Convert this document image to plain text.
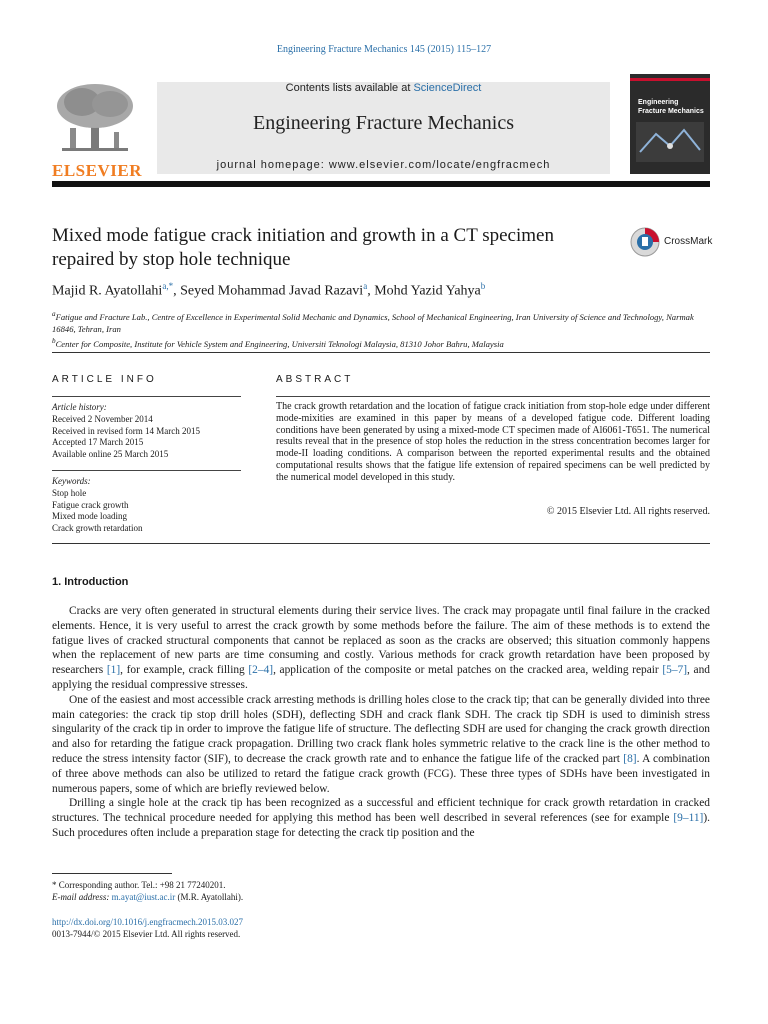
Engineering Fracture Mechanics 145 (2015) 115–127
ELSEVIER
Contents lists available at ScienceDirect
Engineering Fracture Mechanics
journal homepage: www.elsevier.com/locate/engfracmech
Engineering
Fracture Mechanics
Mixed mode fatigue crack initiation and growth in a CT specimen repaired by stop hole technique
CrossMark
Majid R. Ayatollahi$^{a,*}$, Seyed Mohammad Javad Razavi$^a$, Mohd Yazid Yahya$^b$
$^a$Fatigue and Fracture Lab., Centre of Excellence in Experimental Solid Mechanic and Dynamics, School of Mechanical Engineering, Iran University of Science and Technology, Narmak 16846, Tehran, Iran
$^b$Center for Composite, Institute for Vehicle System and Engineering, Universiti Teknologi Malaysia, 81310 Johor Bahru, Malaysia
ARTICLE INFO	ABSTRACT
Article history:
Received 2 November 2014
Received in revised form 14 March 2015
Accepted 17 March 2015
Available online 25 March 2015
Keywords:
Stop hole
Fatigue crack growth
Mixed mode loading
Crack growth retardation
The crack growth retardation and the location of fatigue crack initiation from stop-hole edge under different mode-mixities are examined in this paper by means of a developed fatigue code. Different loading conditions have been generated by using a mixed-mode CT specimen made of Al6061-T651. The numerical results reveal that in the presence of stop holes the reduction in the stress concentration becomes larger for mode-II loading conditions. A comparison between the reported experimental results and the obtained computational results shows that the fatigue life extension of repaired specimens can be well predicted by the numerical model developed in this study.
© 2015 Elsevier Ltd. All rights reserved.
1. Introduction

Cracks are very often generated in structural elements during their service lives. The crack may propagate until final failure in the cracked elements. Hence, it is very useful to arrest the crack growth by some methods before the failure. The aim of these methods is to extend the fatigue lives of cracked structural components that cannot be replaced as soon as the cracks are observed; this situation commonly happens when the replacement of new parts are time consuming and costly. Various methods for crack growth retardation have been proposed by researchers [1], for example, crack filling [2–4], application of the composite or metal patches on the cracked area, welding repair [5–7], and applying the residual compressive stresses.

One of the easiest and most accessible crack arresting methods is drilling holes close to the crack tip; that can be generally divided into three main categories: the crack tip stop drill holes (SDH), deflecting SDH and crack flank SDH. The crack tip SDH is used to diminish stress singularity of the crack tip in order to improve the fatigue life of structure. The deflecting SDH are used for changing the crack growth direction and also for retarding the fatigue crack propagation. Drilling two crack flank holes symmetric relative to the crack line is the other method to reduce the stress intensity factor (SIF), to decrease the crack growth rate and to enhance the fatigue life of the cracked part [8]. A combination of three above methods can also be utilized to retard the fatigue crack growth (FCG). These three types of SDHs have been investigated in numerous papers, some of which are briefly reviewed below.

Drilling a single hole at the crack tip has been recognized as a successful and efficient technique for crack growth retardation in cracked structures. The technical procedure needed for applying this method has been well described in several references (see for example [9–11]). Such procedures often include a preparation stage for detecting the crack tip position and the

* Corresponding author. Tel.: +98 21 77240201.
E-mail address: m.ayat@iust.ac.ir (M.R. Ayatollahi).
http://dx.doi.org/10.1016/j.engfracmech.2015.03.027
0013-7944/© 2015 Elsevier Ltd. All rights reserved.
